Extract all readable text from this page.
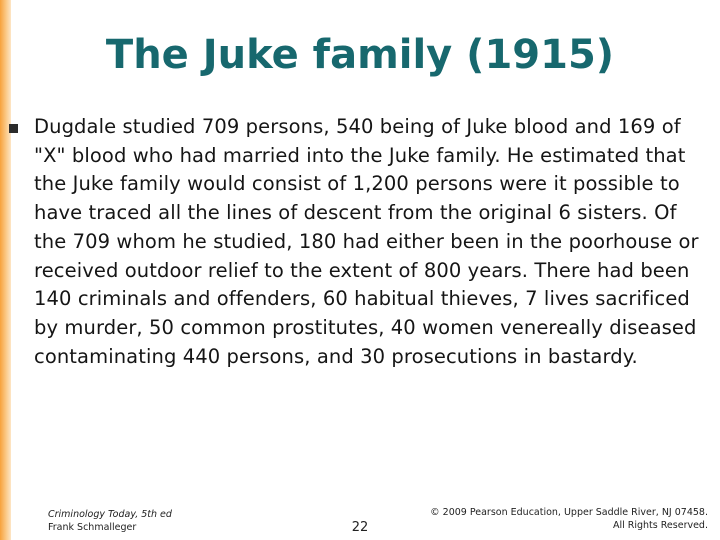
The Juke family (1915)

Dugdale studied 709 persons, 540 being of Juke blood and 169 of "X" blood who had married into the Juke family. He estimated that the Juke family would consist of 1,200 persons were it possible to have traced all the lines of descent from the original 6 sisters. Of the 709 whom he studied, 180 had either been in the poorhouse or received outdoor relief to the extent of 800 years. There had been 140 criminals and offenders, 60 habitual thieves, 7 lives sacrificed by murder, 50 common prostitutes, 40 women venereally diseased contaminating 440 persons, and 30 prosecutions in bastardy.

Criminology Today, 5th ed
Frank Schmalleger	22
© 2009 Pearson Education, Upper Saddle River, NJ 07458.
All Rights Reserved.
